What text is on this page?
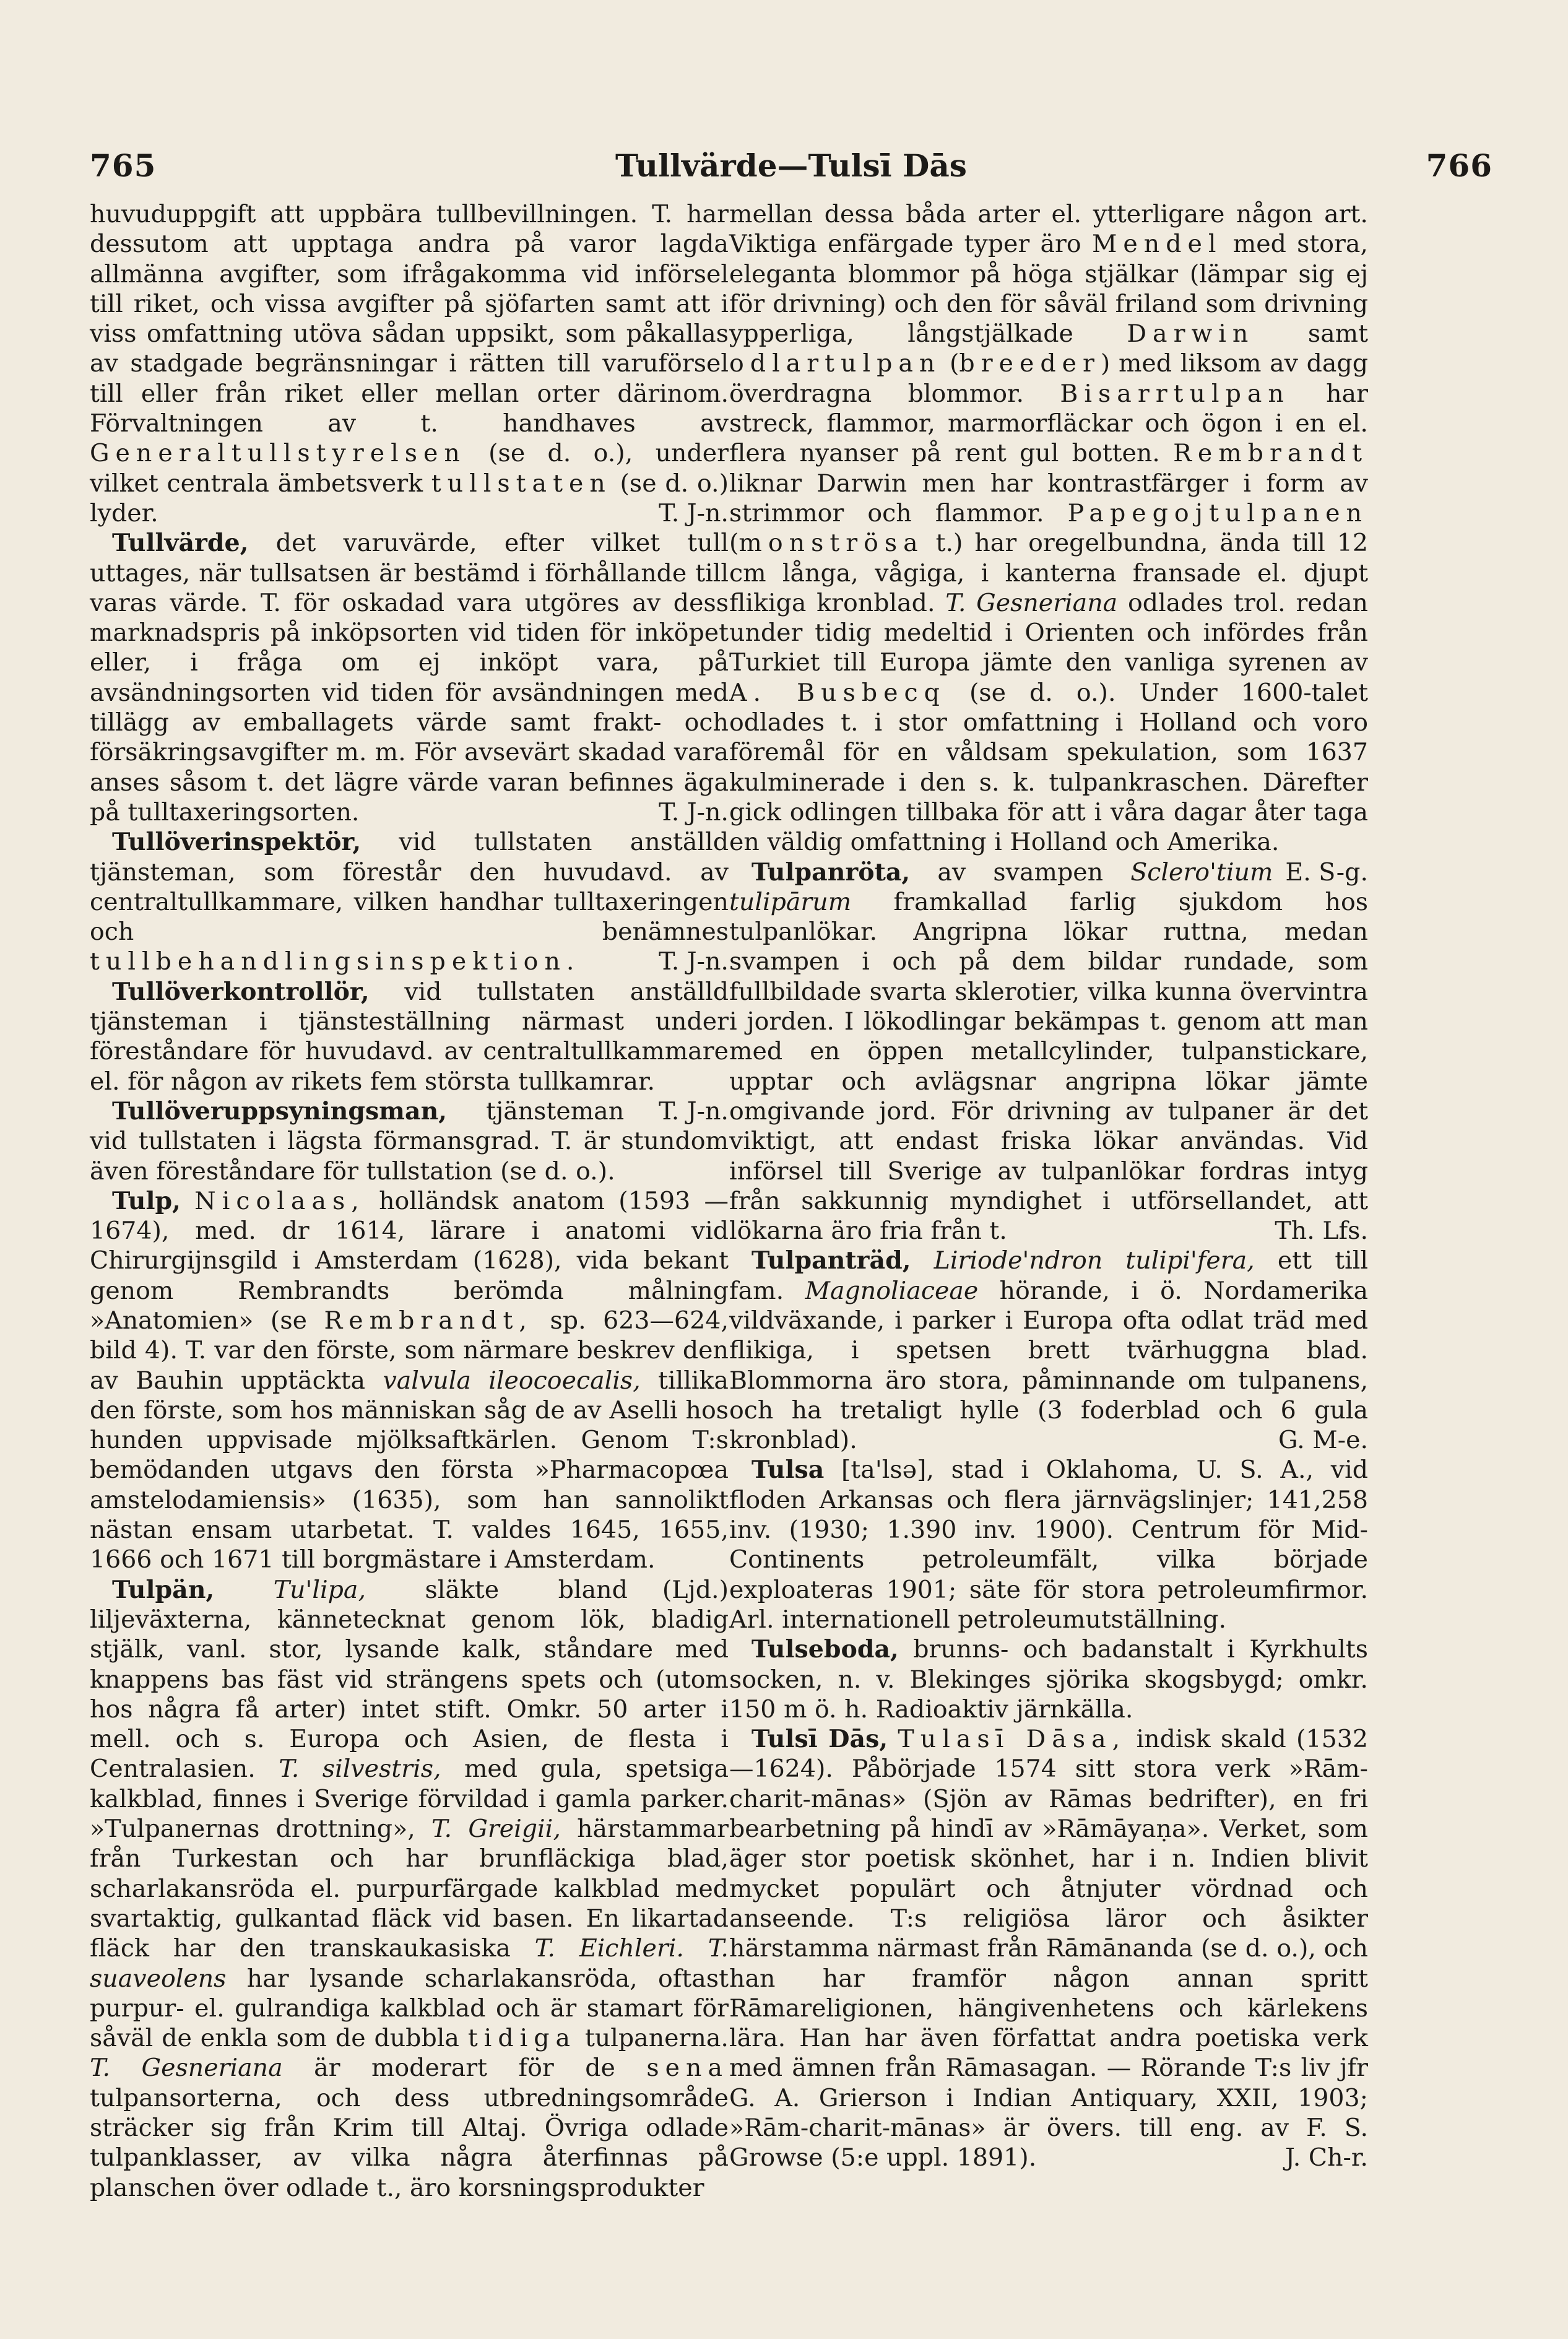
765	Tullvärde—Tulsī Dās	766

huvuduppgift att uppbära tullbevillningen. T. har dessutom att upptaga andra på varor lagda allmänna avgifter, som ifrågakomma vid införsel till riket, och vissa avgifter på sjöfarten samt att i viss omfattning utöva sådan uppsikt, som påkallas av stadgade begränsningar i rätten till varuförsel till eller från riket eller mellan orter därinom. Förvaltningen av t. handhaves av Generaltullstyrelsen (se d. o.), under vilket centrala ämbetsverk tullstaten (se d. o.) lyder.	T. J-n.

Tullvärde, det varuvärde, efter vilket tull uttages, när tullsatsen är bestämd i förhållande till varas värde. T. för oskadad vara utgöres av dess marknadspris på inköpsorten vid tiden för inköpet eller, i fråga om ej inköpt vara, på avsändningsorten vid tiden för avsändningen med tillägg av emballagets värde samt frakt- och försäkringsavgifter m. m. För avsevärt skadad vara anses såsom t. det lägre värde varan befinnes äga på tulltaxeringsorten.	T. J-n.

Tullöverinspektör, vid tullstaten anställd tjänsteman, som förestår den huvudavd. av centraltullkammare, vilken handhar tulltaxeringen och benämnes tullbehandlingsinspektion.	T. J-n.

Tullöverkontrollör, vid tullstaten anställd tjänsteman i tjänsteställning närmast under föreståndare för huvudavd. av centraltullkammare el. för någon av rikets fem största tullkamrar.
T. J-n.

Tullöveruppsyningsman, tjänsteman vid tullstaten i lägsta förmansgrad. T. är stundom även föreståndare för tullstation (se d. o.).

Tulp, Nicolaas, holländsk anatom (1593 —1674), med. dr 1614, lärare i anatomi vid Chirurgijnsgild i Amsterdam (1628), vida bekant genom Rembrandts berömda målning »Anatomien» (se Rembrandt, sp. 623—624, bild 4). T. var den förste, som närmare beskrev den av Bauhin upptäckta valvula ileocoecalis, tillika den förste, som hos människan såg de av Aselli hos hunden uppvisade mjölksaftkärlen. Genom T:s bemödanden utgavs den första »Pharmacopœa amstelodamiensis» (1635), som han sannolikt nästan ensam utarbetat. T. valdes 1645, 1655, 1666 och 1671 till borgmästare i Amsterdam.
(Ljd.)

Tulpän, Tu'lipa, släkte bland liljeväxterna, kännetecknat genom lök, bladig stjälk, vanl. stor, lysande kalk, ståndare med knappens bas fäst vid strängens spets och (utom hos några få arter) intet stift. Omkr. 50 arter i mell. och s. Europa och Asien, de flesta i Centralasien. T. silvestris, med gula, spetsiga kalkblad, finnes i Sverige förvildad i gamla parker. »Tulpanernas drottning», T. Greigii, härstammar från Turkestan och har brunfläckiga blad, scharlakansröda el. purpurfärgade kalkblad med svartaktig, gulkantad fläck vid basen. En likartad fläck har den transkaukasiska T. Eichleri. T. suaveolens har lysande scharlakansröda, oftast purpur- el. gulrandiga kalkblad och är stamart för såväl de enkla som de dubbla tidiga tulpanerna. T. Gesneriana är moderart för de sena tulpansorterna, och dess utbredningsområde sträcker sig från Krim till Altaj. Övriga odlade tulpanklasser, av vilka några återfinnas på planschen över odlade t., äro korsningsprodukter

mellan dessa båda arter el. ytterligare någon art. Viktiga enfärgade typer äro Mendel med stora, eleganta blommor på höga stjälkar (lämpar sig ej för drivning) och den för såväl friland som drivning ypperliga, långstjälkade Darwin samt odlartulpan (breeder) med liksom av dagg överdragna blommor. Bisarrtulpan har streck, flammor, marmorfläckar och ögon i en el. flera nyanser på rent gul botten. Rembrandt liknar Darwin men har kontrastfärger i form av strimmor och flammor. Papegojtulpanen (monströsa t.) har oregelbundna, ända till 12 cm långa, vågiga, i kanterna fransade el. djupt flikiga kronblad. T. Gesneriana odlades trol. redan under tidig medeltid i Orienten och infördes från Turkiet till Europa jämte den vanliga syrenen av A. Busbecq (se d. o.). Under 1600-talet odlades t. i stor omfattning i Holland och voro föremål för en våldsam spekulation, som 1637 kulminerade i den s. k. tulpankraschen. Därefter gick odlingen tillbaka för att i våra dagar åter taga en väldig omfattning i Holland och Amerika.
E. S-g.

Tulpanröta, av svampen Sclero'tium tulipārum framkallad farlig sjukdom hos tulpanlökar. Angripna lökar ruttna, medan svampen i och på dem bildar rundade, som fullbildade svarta sklerotier, vilka kunna övervintra i jorden. I lökodlingar bekämpas t. genom att man med en öppen metallcylinder, tulpanstickare, upptar och avlägsnar angripna lökar jämte omgivande jord. För drivning av tulpaner är det viktigt, att endast friska lökar användas. Vid införsel till Sverige av tulpanlökar fordras intyg från sakkunnig myndighet i utförsellandet, att lökarna äro fria från t.	Th. Lfs.

Tulpanträd, Liriode'ndron tulipi'fera, ett till fam. Magnoliaceae hörande, i ö. Nordamerika vildväxande, i parker i Europa ofta odlat träd med flikiga, i spetsen brett tvärhuggna blad. Blommorna äro stora, påminnande om tulpanens, och ha tretaligt hylle (3 foderblad och 6 gula kronblad).	G. M-e.

Tulsa [ta'lsə], stad i Oklahoma, U. S. A., vid floden Arkansas och flera järnvägslinjer; 141,258 inv. (1930; 1.390 inv. 1900). Centrum för Mid-Continents petroleumfält, vilka började exploateras 1901; säte för stora petroleumfirmor. Arl. internationell petroleumutställning.

Tulseboda, brunns- och badanstalt i Kyrkhults socken, n. v. Blekinges sjörika skogsbygd; omkr. 150 m ö. h. Radioaktiv järnkälla.

Tulsī Dās, Tulasī Dāsa, indisk skald (1532—1624). Påbörjade 1574 sitt stora verk »Rām-charit-mānas» (Sjön av Rāmas bedrifter), en fri bearbetning på hindī av »Rāmāyaṇa». Verket, som äger stor poetisk skönhet, har i n. Indien blivit mycket populärt och åtnjuter vördnad och anseende. T:s religiösa läror och åsikter härstamma närmast från Rāmānanda (se d. o.), och han har framför någon annan spritt Rāmareligionen, hängivenhetens och kärlekens lära. Han har även författat andra poetiska verk med ämnen från Rāmasagan. — Rörande T:s liv jfr G. A. Grierson i Indian Antiquary, XXII, 1903; »Rām-charit-mānas» är övers. till eng. av F. S. Growse (5:e uppl. 1891).	J. Ch-r.
